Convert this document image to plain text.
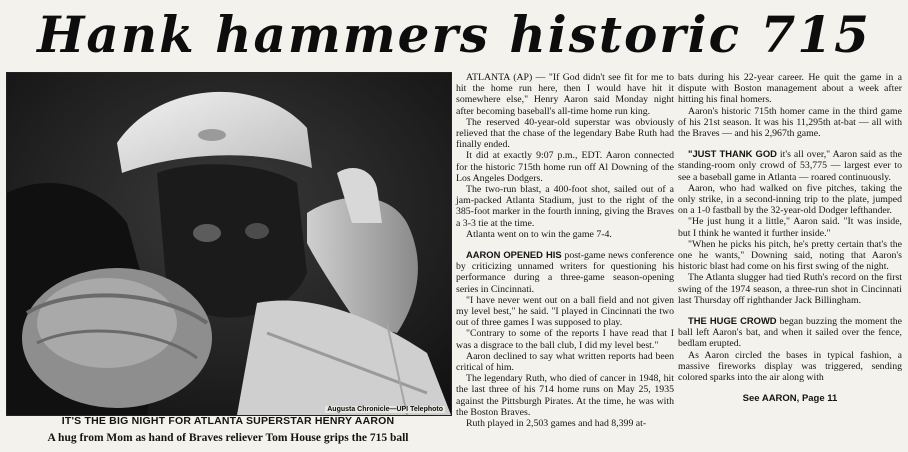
Hank hammers historic 715
Augusta Chronicle—UPI Telephoto
IT'S THE BIG NIGHT FOR ATLANTA SUPERSTAR HENRY AARON
A hug from Mom as hand of Braves reliever Tom House grips the 715 ball

ATLANTA (AP) — "If God didn't see fit for me to hit the home run here, then I would have hit it somewhere else," Henry Aaron said Monday night after becoming baseball's all-time home run king.

The reserved 40-year-old superstar was obviously relieved that the chase of the legendary Babe Ruth had finally ended.

It did at exactly 9:07 p.m., EDT. Aaron connected for the historic 715th home run off Al Downing of the Los Angeles Dodgers.

The two-run blast, a 400-foot shot, sailed out of a jam-packed Atlanta Stadium, just to the right of the 385-foot marker in the fourth inning, giving the Braves a 3-3 tie at the time.

Atlanta went on to win the game 7-4.

AARON OPENED HIS post-game news conference by criticizing unnamed writers for questioning his performance during a three-game season-opening series in Cincinnati.

"I have never went out on a ball field and not given my level best," he said. "I played in Cincinnati the two out of three games I was supposed to play.

"Contrary to some of the reports I have read that I was a disgrace to the ball club, I did my level best."

Aaron declined to say what written reports had been critical of him.

The legendary Ruth, who died of cancer in 1948, hit the last three of his 714 home runs on May 25, 1935 against the Pittsburgh Pirates. At the time, he was with the Boston Braves.

Ruth played in 2,503 games and had 8,399 at-

bats during his 22-year career. He quit the game in a dispute with Boston management about a week after hitting his final homers.

Aaron's historic 715th homer came in the third game of his 21st season. It was his 11,295th at-bat — all with the Braves — and his 2,967th game.

"JUST THANK GOD it's all over," Aaron said as the standing-room only crowd of 53,775 — largest ever to see a baseball game in Atlanta — roared continuously.

Aaron, who had walked on five pitches, taking the only strike, in a second-inning trip to the plate, jumped on a 1-0 fastball by the 32-year-old Dodger lefthander.

"He just hung it a little," Aaron said. "It was inside, but I think he wanted it further inside."

"When he picks his pitch, he's pretty certain that's the one he wants," Downing said, noting that Aaron's historic blast had come on his first swing of the night.

The Atlanta slugger had tied Ruth's record on the first swing of the 1974 season, a three-run shot in Cincinnati last Thursday off righthander Jack Billingham.

THE HUGE CROWD began buzzing the moment the ball left Aaron's bat, and when it sailed over the fence, bedlam erupted.

As Aaron circled the bases in typical fashion, a massive fireworks display was triggered, sending colored sparks into the air along with

See AARON, Page 11
